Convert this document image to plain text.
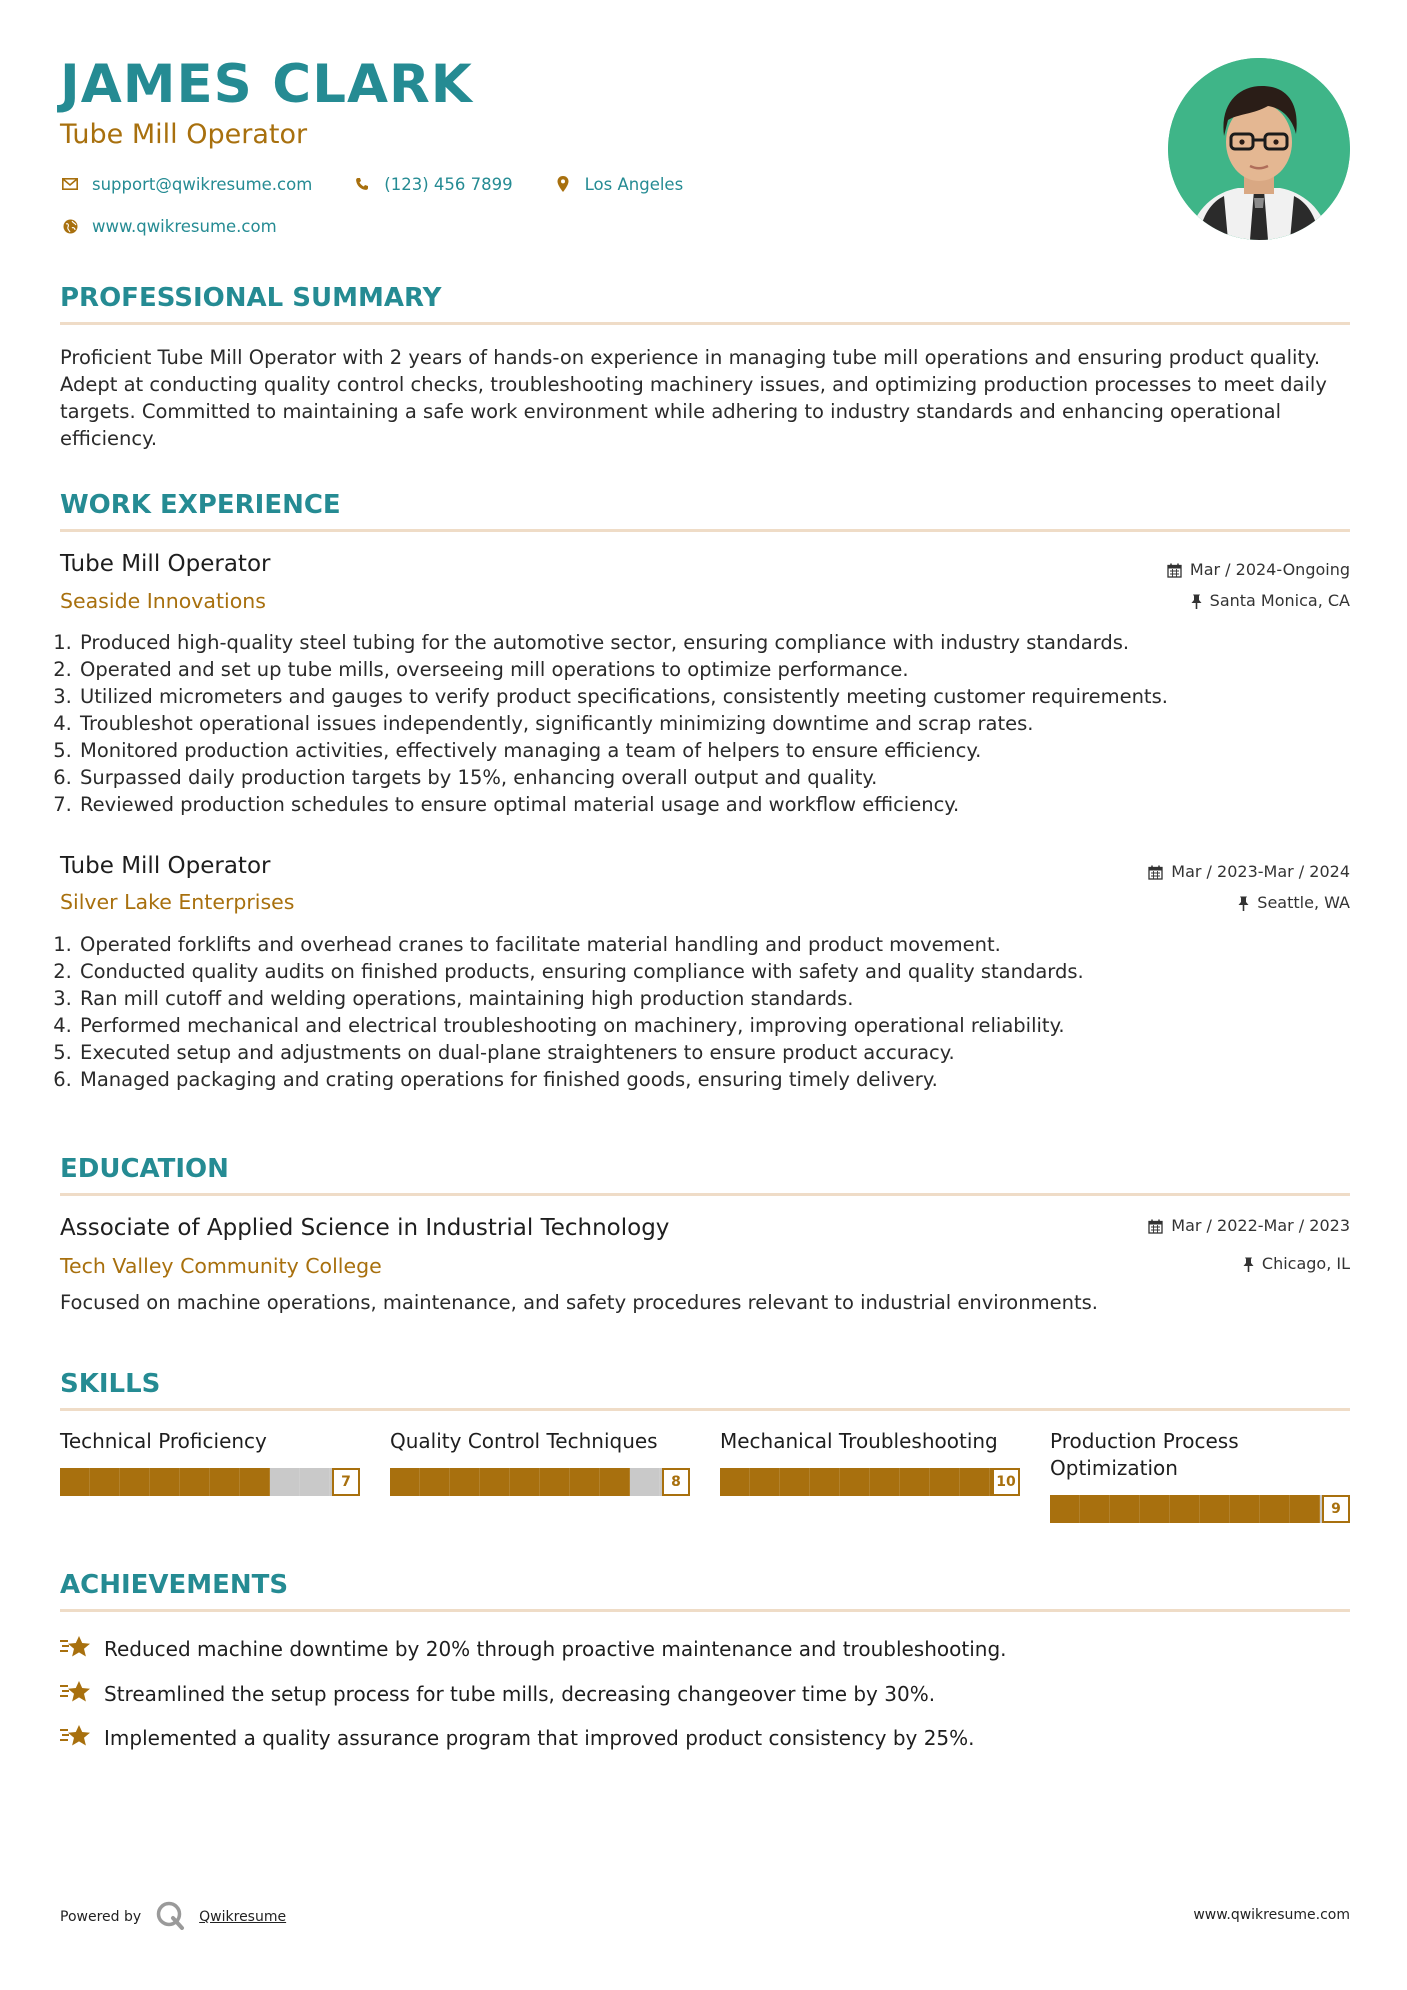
JAMES CLARK
Tube Mill Operator
support@qwikresume.com	(123) 456 7899	Los Angeles
www.qwikresume.com
PROFESSIONAL SUMMARY

Proficient Tube Mill Operator with 2 years of hands-on experience in managing tube mill operations and ensuring product quality. Adept at conducting quality control checks, troubleshooting machinery issues, and optimizing production processes to meet daily targets. Committed to maintaining a safe work environment while adhering to industry standards and enhancing operational efficiency.

WORK EXPERIENCE
Tube Mill Operator	Mar / 2024-Ongoing
Seaside Innovations	Santa Monica, CA
1. Produced high-quality steel tubing for the automotive sector, ensuring compliance with industry standards.
2. Operated and set up tube mills, overseeing mill operations to optimize performance.
3. Utilized micrometers and gauges to verify product specifications, consistently meeting customer requirements.
4. Troubleshot operational issues independently, significantly minimizing downtime and scrap rates.
5. Monitored production activities, effectively managing a team of helpers to ensure efficiency.
6. Surpassed daily production targets by 15%, enhancing overall output and quality.
7. Reviewed production schedules to ensure optimal material usage and workflow efficiency.
Tube Mill Operator	Mar / 2023-Mar / 2024
Silver Lake Enterprises	Seattle, WA
1. Operated forklifts and overhead cranes to facilitate material handling and product movement.
2. Conducted quality audits on finished products, ensuring compliance with safety and quality standards.
3. Ran mill cutoff and welding operations, maintaining high production standards.
4. Performed mechanical and electrical troubleshooting on machinery, improving operational reliability.
5. Executed setup and adjustments on dual-plane straighteners to ensure product accuracy.
6. Managed packaging and crating operations for finished goods, ensuring timely delivery.
EDUCATION
Associate of Applied Science in Industrial Technology	Mar / 2022-Mar / 2023
Tech Valley Community College	Chicago, IL

Focused on machine operations, maintenance, and safety procedures relevant to industrial environments.

SKILLS
Technical Proficiency
7
Quality Control Techniques
8
Mechanical Troubleshooting
10
Production Process Optimization
9
ACHIEVEMENTS
Reduced machine downtime by 20% through proactive maintenance and troubleshooting.
Streamlined the setup process for tube mills, decreasing changeover time by 30%.
Implemented a quality assurance program that improved product consistency by 25%.
Powered by	Qwikresume	www.qwikresume.com
